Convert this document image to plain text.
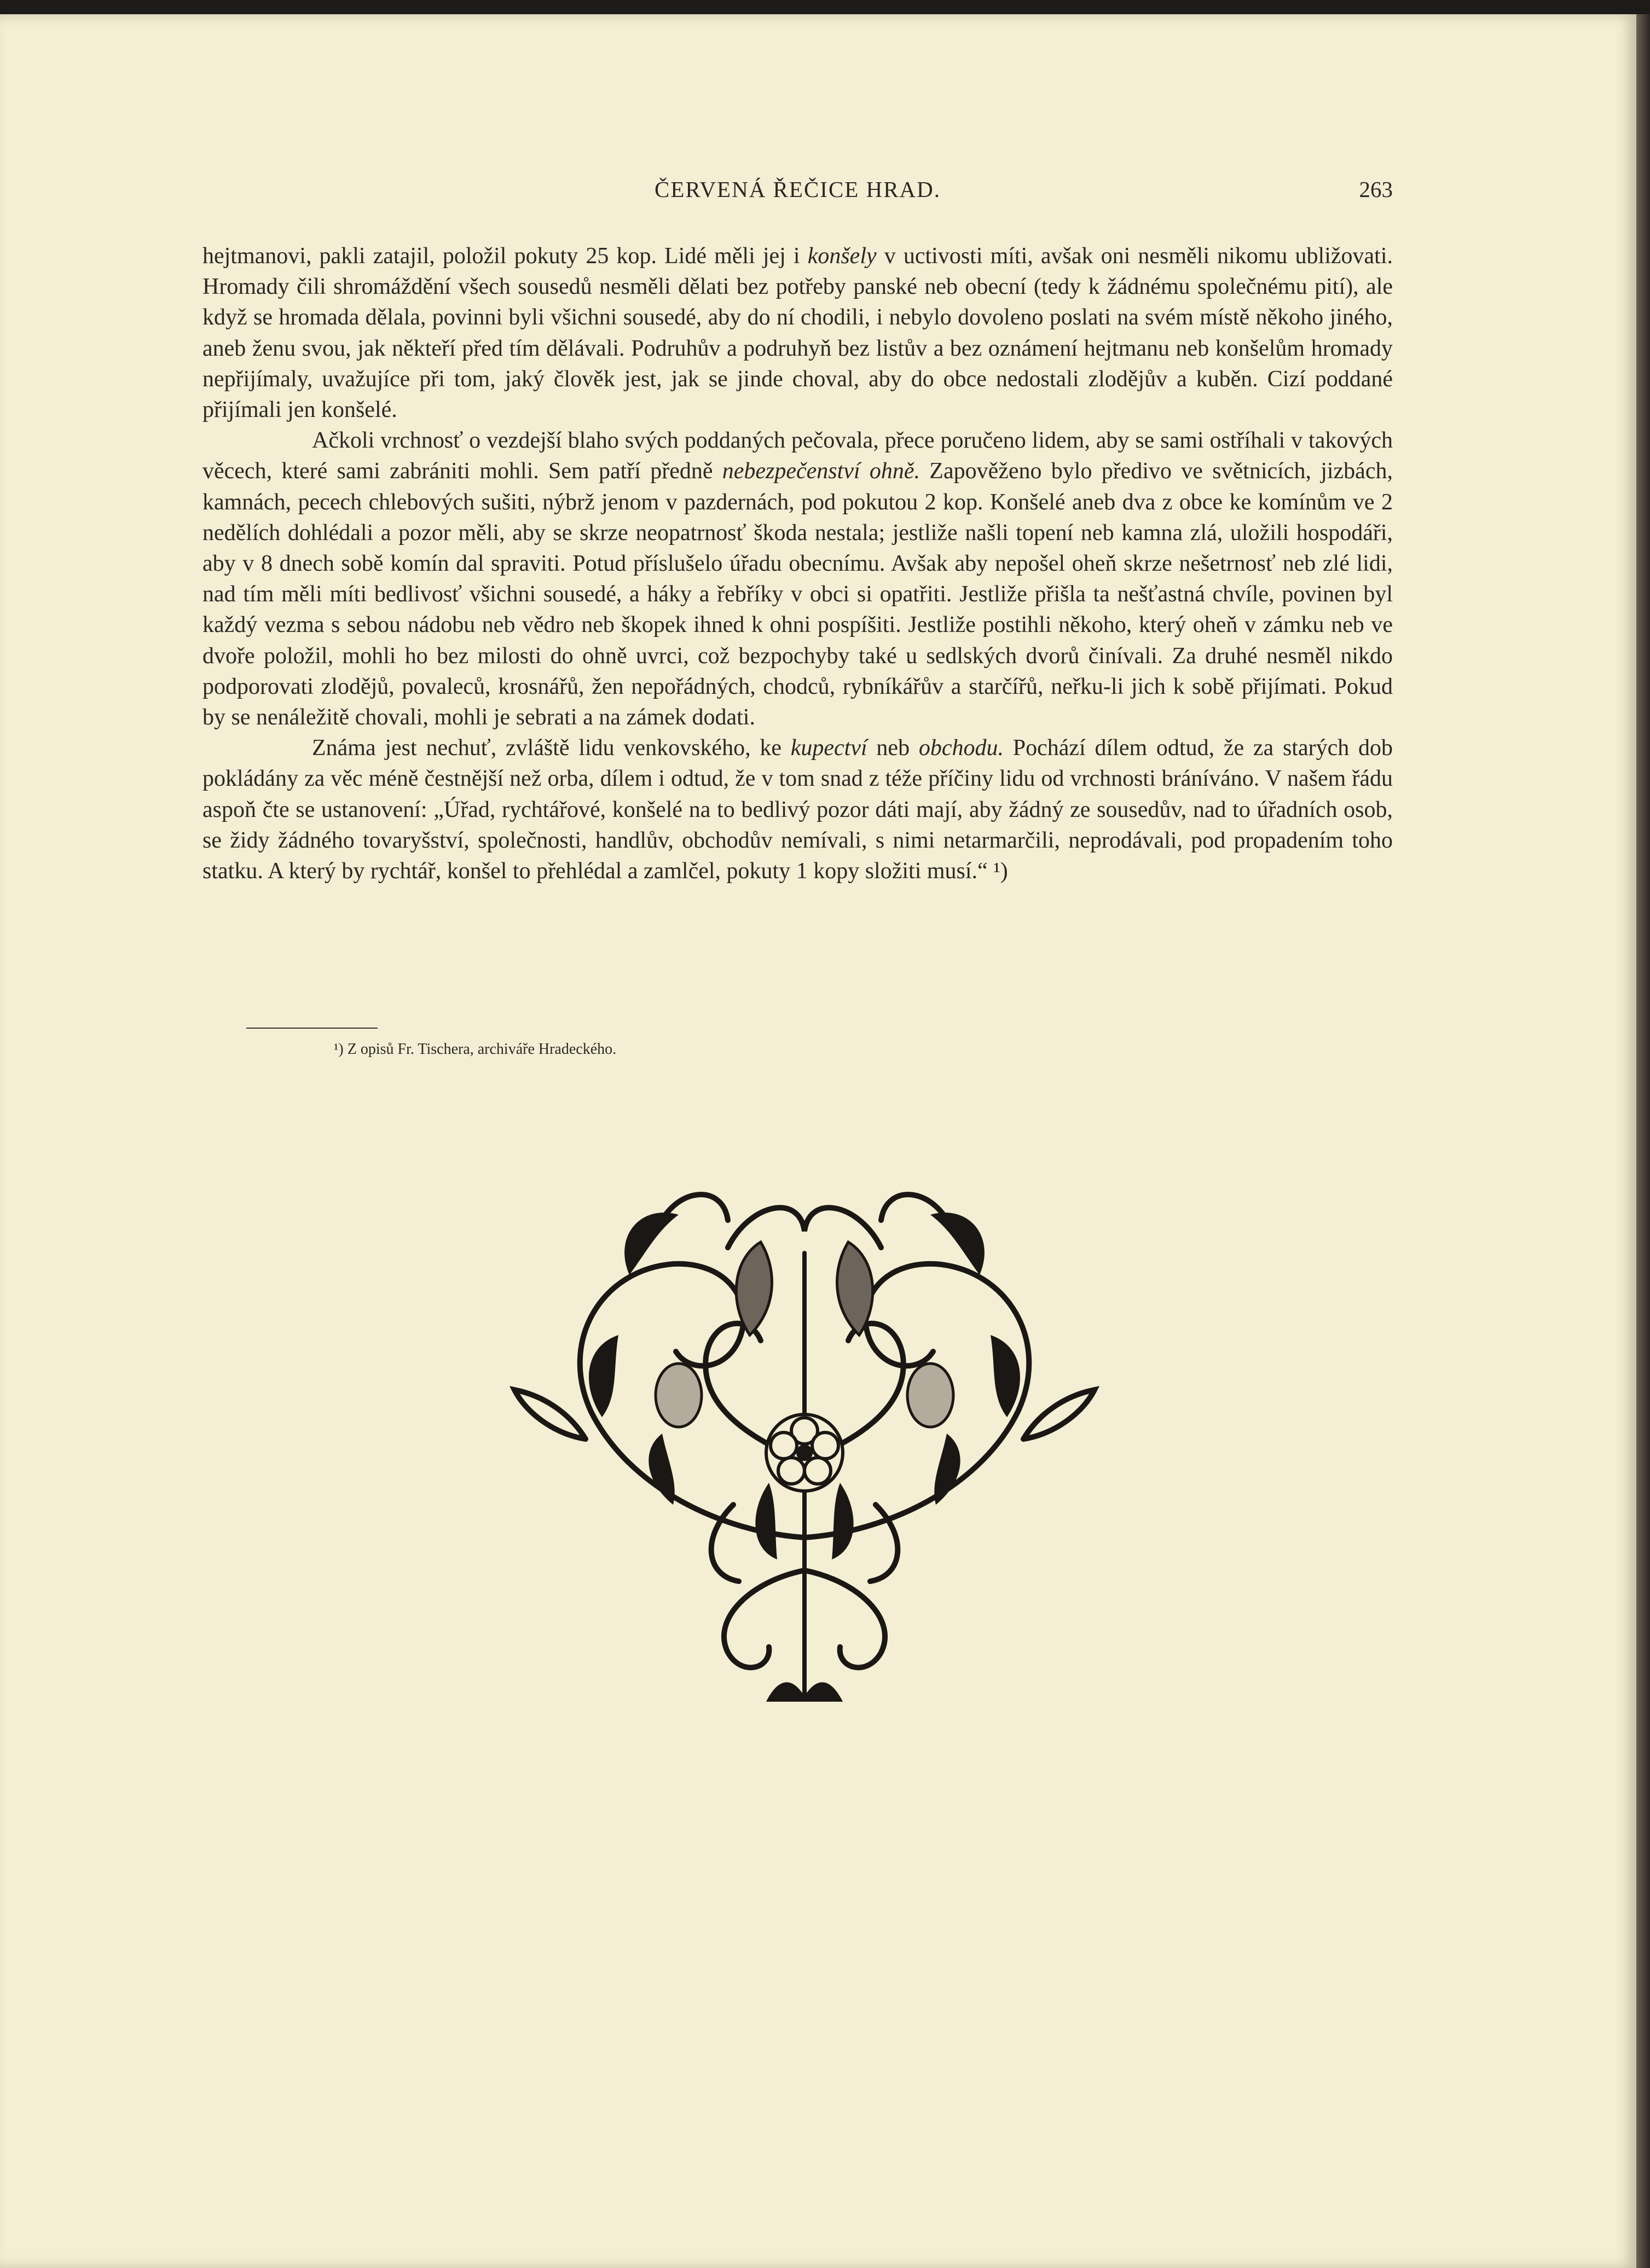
ČERVENÁ ŘEČICE HRAD.	263

hejtmanovi, pakli zatajil, položil pokuty 25 kop. Lidé měli jej i konšely v uctivosti míti, avšak oni nesměli nikomu ubližovati. Hromady čili shromáždění všech sousedů nesměli dělati bez potřeby panské neb obecní (tedy k žádnému společnému pití), ale když se hromada dělala, povinni byli všichni sousedé, aby do ní chodili, i nebylo dovoleno poslati na svém místě někoho jiného, aneb ženu svou, jak někteří před tím dělávali. Podruhův a podruhyň bez listův a bez oznámení hejtmanu neb konšelům hromady nepřijímaly, uvažujíce při tom, jaký člověk jest, jak se jinde choval, aby do obce nedostali zlodějův a kuběn. Cizí poddané přijímali jen konšelé.

Ačkoli vrchnosť o vezdejší blaho svých poddaných pečovala, přece poručeno lidem, aby se sami ostříhali v takových věcech, které sami zabrániti mohli. Sem patří předně nebezpečenství ohně. Zapověženo bylo předivo ve světnicích, jizbách, kamnách, pecech chlebových sušiti, nýbrž jenom v pazdernách, pod pokutou 2 kop. Konšelé aneb dva z obce ke komínům ve 2 nedělích dohlédali a pozor měli, aby se skrze neopatrnosť škoda nestala; jestliže našli topení neb kamna zlá, uložili hospodáři, aby v 8 dnech sobě komín dal spraviti. Potud příslušelo úřadu obecnímu. Avšak aby nepošel oheň skrze nešetrnosť neb zlé lidi, nad tím měli míti bedlivosť všichni sousedé, a háky a řebříky v obci si opatřiti. Jestliže přišla ta nešťastná chvíle, povinen byl každý vezma s sebou nádobu neb vědro neb škopek ihned k ohni pospíšiti. Jestliže postihli někoho, který oheň v zámku neb ve dvoře položil, mohli ho bez milosti do ohně uvrci, což bezpochyby také u sedlských dvorů činívali. Za druhé nesměl nikdo podporovati zlodějů, povaleců, krosnářů, žen nepořádných, chodců, rybníkářův a starčířů, neřku-li jich k sobě přijímati. Pokud by se nenáležitě chovali, mohli je sebrati a na zámek dodati.

Známa jest nechuť, zvláště lidu venkovského, ke kupectví neb obchodu. Pochází dílem odtud, že za starých dob pokládány za věc méně čestnější než orba, dílem i odtud, že v tom snad z téže příčiny lidu od vrchnosti bráníváno. V našem řádu aspoň čte se ustanovení: „Úřad, rychtářové, konšelé na to bedlivý pozor dáti mají, aby žádný ze sousedův, nad to úřadních osob, se židy žádného tovaryšství, společnosti, handlův, obchodův nemívali, s nimi netarmarčili, neprodávali, pod propadením toho statku. A který by rychtář, konšel to přehlédal a zamlčel, pokuty 1 kopy složiti musí.“ ¹)

¹) Z opisů Fr. Tischera, archiváře Hradeckého.
